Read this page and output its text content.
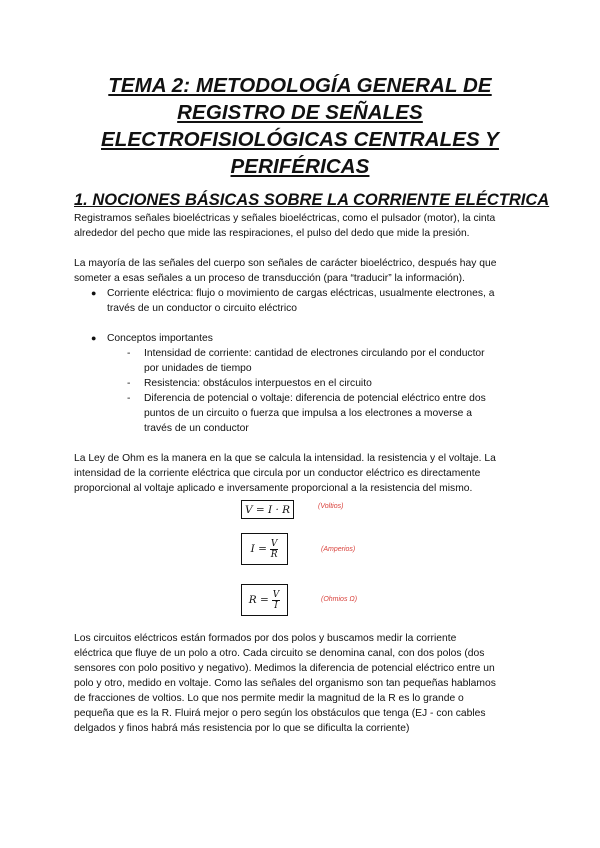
TEMA 2: METODOLOGÍA GENERAL DE
REGISTRO DE SEÑALES
ELECTROFISIOLÓGICAS CENTRALES Y
PERIFÉRICAS
1. NOCIONES BÁSICAS SOBRE LA CORRIENTE ELÉCTRICA
Registramos señales bioeléctricas y señales bioeléctricas, como el pulsador (motor), la cinta
alrededor del pecho que mide las respiraciones, el pulso del dedo que mide la presión.
La mayoría de las señales del cuerpo son señales de carácter bioeléctrico, después hay que
someter a esas señales a un proceso de transducción (para “traducir” la información).
● Corriente eléctrica: flujo o movimiento de cargas eléctricas, usualmente electrones, a
través de un conductor o circuito eléctrico
● Conceptos importantes
- Intensidad de corriente: cantidad de electrones circulando por el conductor
por unidades de tiempo
- Resistencia: obstáculos interpuestos en el circuito
- Diferencia de potencial o voltaje: diferencia de potencial eléctrico entre dos
puntos de un circuito o fuerza que impulsa a los electrones a moverse a
través de un conductor
La Ley de Ohm es la manera en la que se calcula la intensidad. la resistencia y el voltaje. La
intensidad de la corriente eléctrica que circula por un conductor eléctrico es directamente
proporcional al voltaje aplicado e inversamente proporcional a la resistencia del mismo.
V = I · R	(Voltios)
$I = \frac{V}{R}$	(Amperios)
$R = \frac{V}{I}$	(Ohmios Ω)
Los circuitos eléctricos están formados por dos polos y buscamos medir la corriente
eléctrica que fluye de un polo a otro. Cada circuito se denomina canal, con dos polos (dos
sensores con polo positivo y negativo). Medimos la diferencia de potencial eléctrico entre un
polo y otro, medido en voltaje. Como las señales del organismo son tan pequeñas hablamos
de fracciones de voltios. Lo que nos permite medir la magnitud de la R es lo grande o
pequeña que es la R. Fluirá mejor o pero según los obstáculos que tenga (EJ - con cables
delgados y finos habrá más resistencia por lo que se dificulta la corriente)
